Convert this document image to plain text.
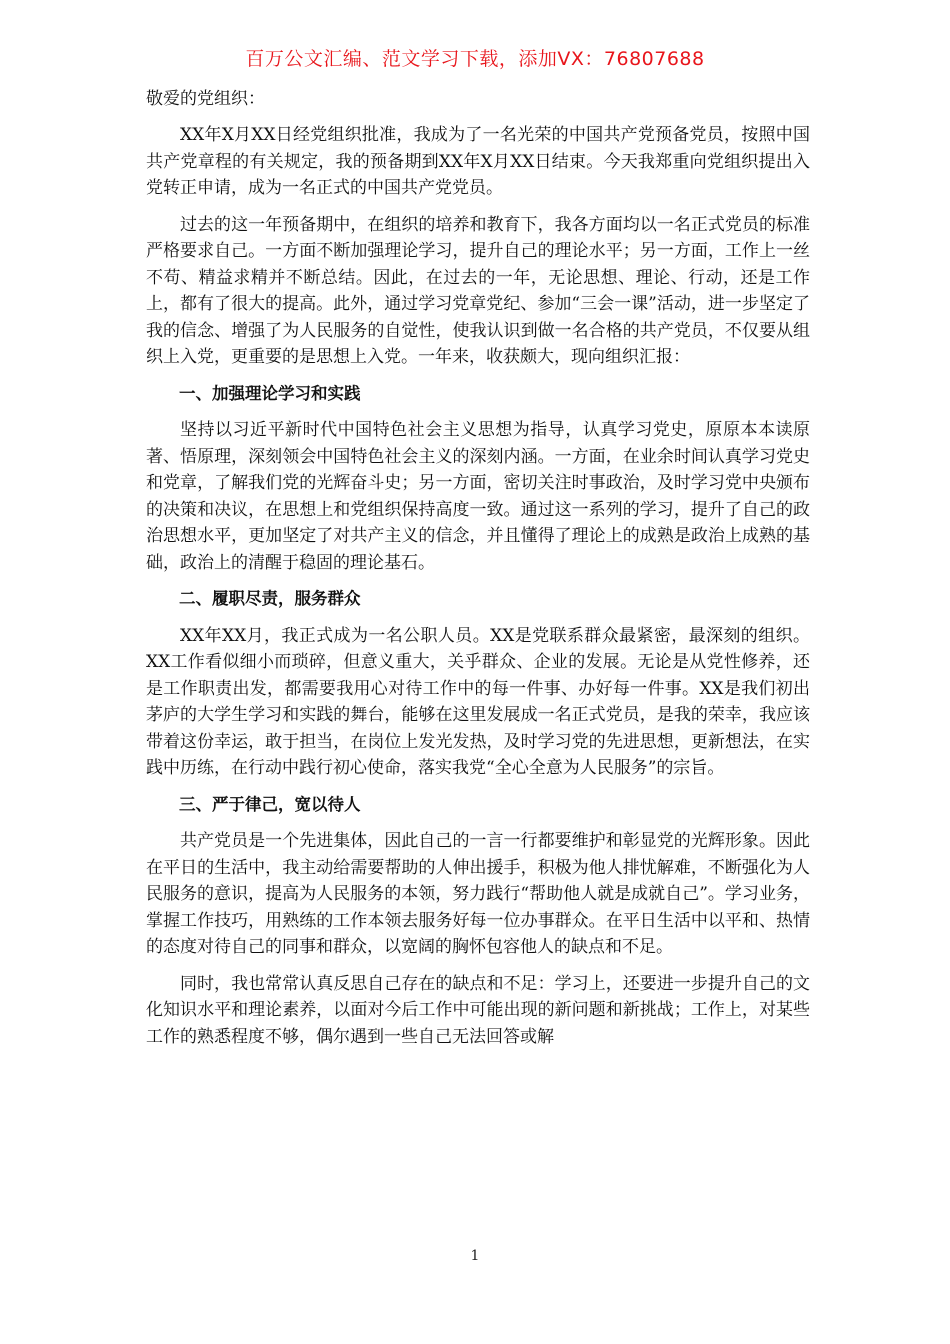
百万公文汇编、范文学习下载，添加VX：76807688

敬爱的党组织：

XX年X月XX日经党组织批准，我成为了一名光荣的中国共产党预备党员，按照中国共产党章程的有关规定，我的预备期到XX年X月XX日结束。今天我郑重向党组织提出入党转正申请，成为一名正式的中国共产党党员。

过去的这一年预备期中，在组织的培养和教育下，我各方面均以一名正式党员的标准严格要求自己。一方面不断加强理论学习，提升自己的理论水平；另一方面，工作上一丝不苟、精益求精并不断总结。因此，在过去的一年，无论思想、理论、行动，还是工作上，都有了很大的提高。此外，通过学习党章党纪、参加“三会一课”活动，进一步坚定了我的信念、增强了为人民服务的自觉性，使我认识到做一名合格的共产党员，不仅要从组织上入党，更重要的是思想上入党。一年来，收获颇大，现向组织汇报：

一、加强理论学习和实践

坚持以习近平新时代中国特色社会主义思想为指导，认真学习党史，原原本本读原著、悟原理，深刻领会中国特色社会主义的深刻内涵。一方面，在业余时间认真学习党史和党章，了解我们党的光辉奋斗史；另一方面，密切关注时事政治，及时学习党中央颁布的决策和决议，在思想上和党组织保持高度一致。通过这一系列的学习，提升了自己的政治思想水平，更加坚定了对共产主义的信念，并且懂得了理论上的成熟是政治上成熟的基础，政治上的清醒于稳固的理论基石。

二、履职尽责，服务群众

XX年XX月，我正式成为一名公职人员。XX是党联系群众最紧密，最深刻的组织。XX工作看似细小而琐碎，但意义重大，关乎群众、企业的发展。无论是从党性修养，还是工作职责出发，都需要我用心对待工作中的每一件事、办好每一件事。XX是我们初出茅庐的大学生学习和实践的舞台，能够在这里发展成一名正式党员，是我的荣幸，我应该带着这份幸运，敢于担当，在岗位上发光发热，及时学习党的先进思想，更新想法，在实践中历练，在行动中践行初心使命，落实我党“全心全意为人民服务”的宗旨。

三、严于律己，宽以待人

共产党员是一个先进集体，因此自己的一言一行都要维护和彰显党的光辉形象。因此在平日的生活中，我主动给需要帮助的人伸出援手，积极为他人排忧解难，不断强化为人民服务的意识，提高为人民服务的本领，努力践行“帮助他人就是成就自己”。学习业务，掌握工作技巧，用熟练的工作本领去服务好每一位办事群众。在平日生活中以平和、热情的态度对待自己的同事和群众，以宽阔的胸怀包容他人的缺点和不足。

同时，我也常常认真反思自己存在的缺点和不足：学习上，还要进一步提升自己的文化知识水平和理论素养，以面对今后工作中可能出现的新问题和新挑战；工作上，对某些工作的熟悉程度不够，偶尔遇到一些自己无法回答或解

1
